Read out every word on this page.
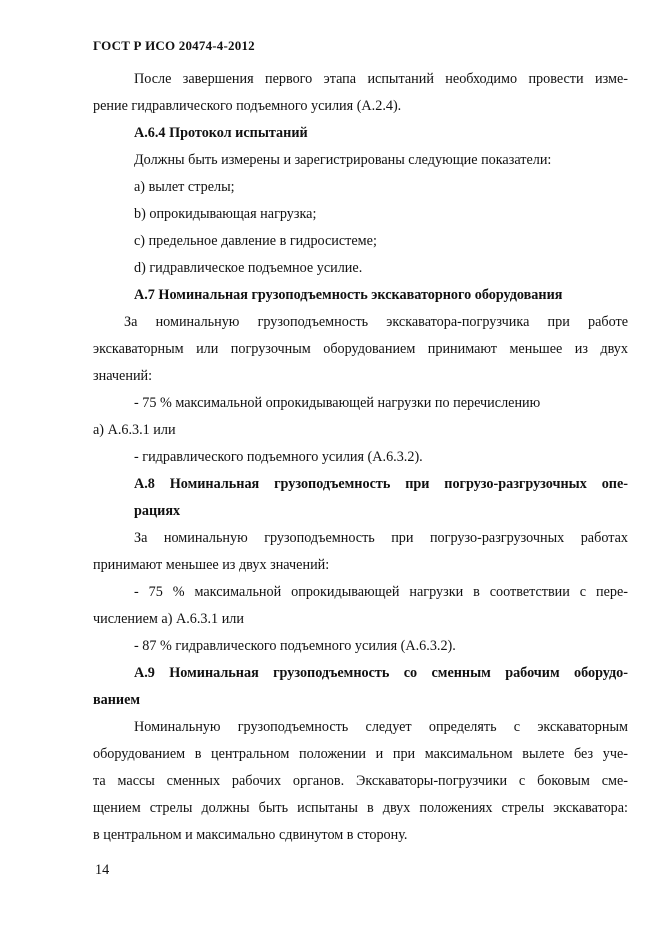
ГОСТ Р ИСО 20474-4-2012
После завершения первого этапа испытаний необходимо провести изме-
рение гидравлического подъемного усилия (А.2.4).
А.6.4 Протокол испытаний
Должны быть измерены и зарегистрированы следующие показатели:
a) вылет стрелы;
b) опрокидывающая нагрузка;
c) предельное давление в гидросистеме;
d) гидравлическое подъемное усилие.
А.7 Номинальная грузоподъемность экскаваторного оборудования
За номинальную грузоподъемность экскаватора-погрузчика при работе
экскаваторным или погрузочным оборудованием принимают меньшее из двух
значений:
- 75 % максимальной опрокидывающей нагрузки по перечислению
а) А.6.3.1 или
- гидравлического подъемного усилия (А.6.3.2).
А.8 Номинальная грузоподъемность при погрузо-разгрузочных опе-
рациях
За номинальную грузоподъемность при погрузо-разгрузочных работах
принимают меньшее из двух значений:
- 75 % максимальной опрокидывающей нагрузки в соответствии с пере-
числением а) А.6.3.1 или
- 87 % гидравлического подъемного усилия (А.6.3.2).
А.9 Номинальная грузоподъемность со сменным рабочим оборудо-
ванием
Номинальную грузоподъемность следует определять с экскаваторным
оборудованием в центральном положении и при максимальном вылете без уче-
та массы сменных рабочих органов. Экскаваторы-погрузчики с боковым сме-
щением стрелы должны быть испытаны в двух положениях стрелы экскаватора:
в центральном и максимально сдвинутом в сторону.
14
